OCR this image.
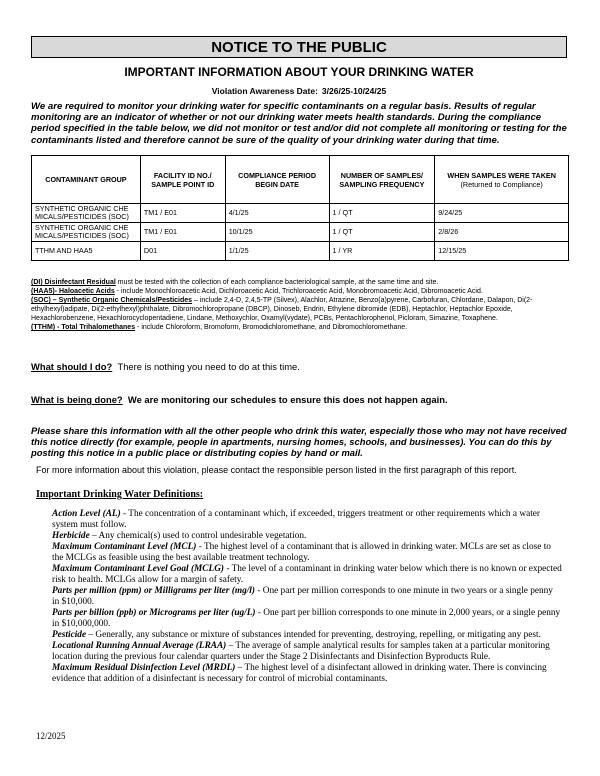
NOTICE TO THE PUBLIC
IMPORTANT INFORMATION ABOUT YOUR DRINKING WATER
Violation Awareness Date: 3/26/25-10/24/25
We are required to monitor your drinking water for specific contaminants on a regular basis. Results of regular monitoring are an indicator of whether or not our drinking water meets health standards. During the compliance period specified in the table below, we did not monitor or test and/or did not complete all monitoring or testing for the contaminants listed and therefore cannot be sure of the quality of your drinking water during that time.
CONTAMINANT GROUP	FACILITY ID NO./ SAMPLE POINT ID	COMPLIANCE PERIOD BEGIN DATE	NUMBER OF SAMPLES/ SAMPLING FREQUENCY	WHEN SAMPLES WERE TAKEN
(Returned to Compliance)
SYNTHETIC ORGANIC CHE MICALS/PESTICIDES (SOC)	TM1 / E01	4/1/25	1 / QT	9/24/25
SYNTHETIC ORGANIC CHE MICALS/PESTICIDES (SOC)	TM1 / E01	10/1/25	1 / QT	2/8/26
TTHM AND HAA5	D01	1/1/25	1 / YR	12/15/25
(DI) Disinfectant Residual must be tested with the collection of each compliance bacteriological sample, at the same time and site.
(HAA5)- Haloacetic Acids - include Monochloroacetic Acid, Dichloroacetic Acid, Trichloroacetic Acid, Monobromoacetic Acid, Dibromoacetic Acid.
(SOC) – Synthetic Organic Chemicals/Pesticides – include 2,4-D, 2,4,5-TP (Silvex), Alachlor, Atrazine, Benzo(a)pyrene, Carbofuran, Chlordane, Dalapon, Di(2-ethylhexyl)adipate, Di(2-ethylhexyl)phthalate, Dibromochloropropane (DBCP), Dinoseb, Endrin, Ethylene dibromide (EDB), Heptachlor, Heptachlor Epoxide, Hexachlorobenzene, Hexachlorocyclopentadiene, Lindane, Methoxychlor, Oxamyl(vydate), PCBs, Pentachlorophenol, Picloram, Simazine, Toxaphene.
(TTHM) - Total Trihalomethanes - include Chloroform, Bromoform, Bromodichloromethane, and Dibromochloromethane.
What should I do? There is nothing you need to do at this time.
What is being done? We are monitoring our schedules to ensure this does not happen again.
Please share this information with all the other people who drink this water, especially those who may not have received this notice directly (for example, people in apartments, nursing homes, schools, and businesses). You can do this by posting this notice in a public place or distributing copies by hand or mail.
For more information about this violation, please contact the responsible person listed in the first paragraph of this report.
Important Drinking Water Definitions:

Action Level (AL) - The concentration of a contaminant which, if exceeded, triggers treatment or other requirements which a water system must follow.

Herbicide – Any chemical(s) used to control undesirable vegetation.

Maximum Contaminant Level (MCL) - The highest level of a contaminant that is allowed in drinking water. MCLs are set as close to the MCLGs as feasible using the best available treatment technology.

Maximum Contaminant Level Goal (MCLG) - The level of a contaminant in drinking water below which there is no known or expected risk to health. MCLGs allow for a margin of safety.

Parts per million (ppm) or Milligrams per liter (mg/l) - One part per million corresponds to one minute in two years or a single penny in $10,000.

Parts per billion (ppb) or Micrograms per liter (ug/L) - One part per billion corresponds to one minute in 2,000 years, or a single penny in $10,000,000.

Pesticide – Generally, any substance or mixture of substances intended for preventing, destroying, repelling, or mitigating any pest.

Locational Running Annual Average (LRAA) – The average of sample analytical results for samples taken at a particular monitoring location during the previous four calendar quarters under the Stage 2 Disinfectants and Disinfection Byproducts Rule.

Maximum Residual Disinfection Level (MRDL) – The highest level of a disinfectant allowed in drinking water. There is convincing evidence that addition of a disinfectant is necessary for control of microbial contaminants.

12/2025
